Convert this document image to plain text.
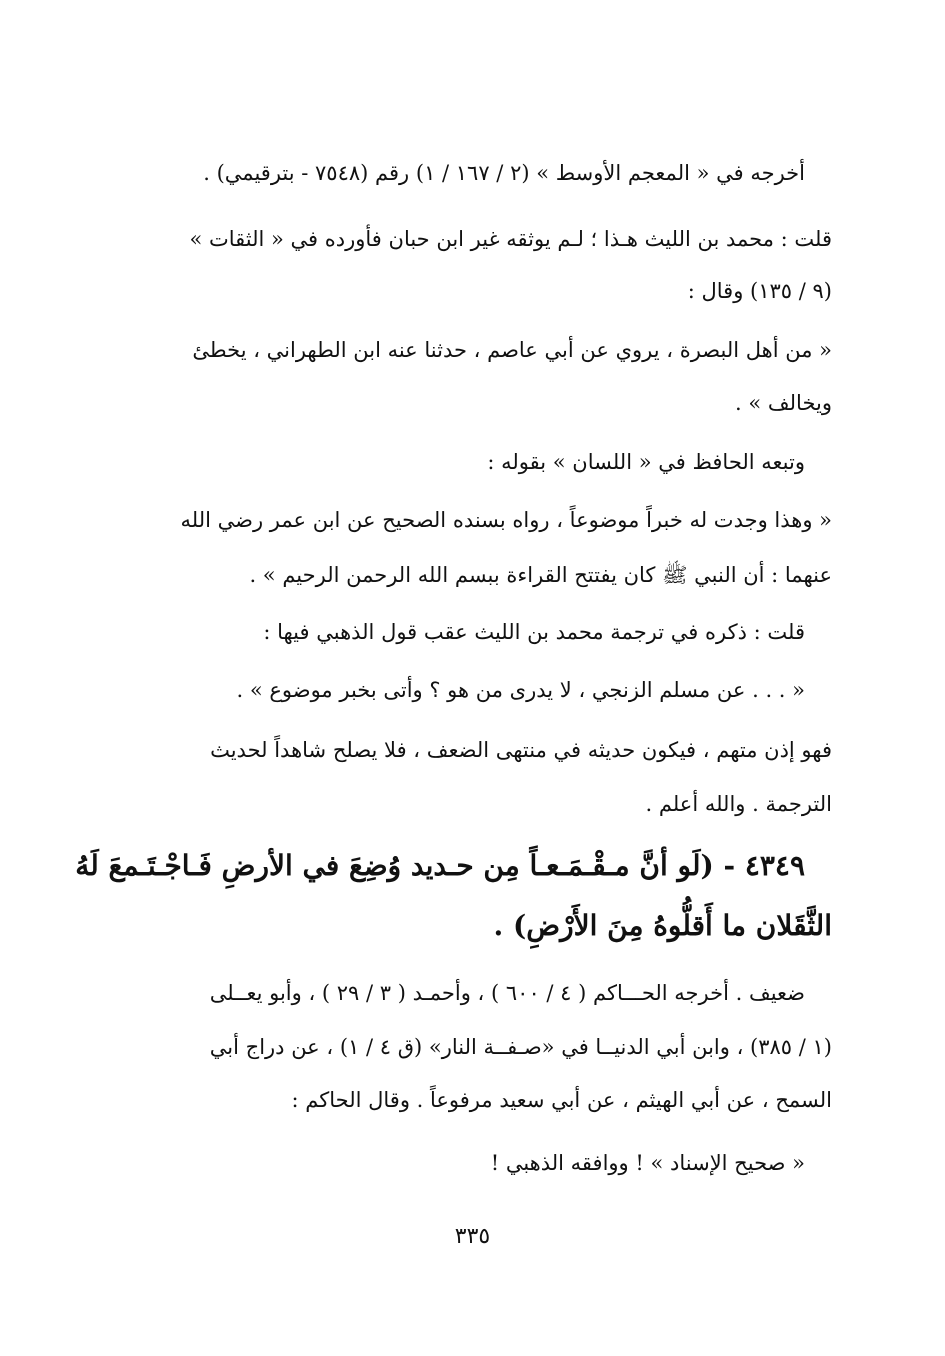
أخرجه في « المعجم الأوسط » (٢ / ١٦٧ / ١) رقم (٧٥٤٨ - بترقيمي) .
قلت : محمد بن الليث هـذا ؛ لـم يوثقه غير ابن حبان فأورده في « الثقات »
(٩ / ١٣٥) وقال :
« من أهل البصرة ، يروي عن أبي عاصم ، حدثنا عنه ابن الطهراني ، يخطئ
ويخالف » .
وتبعه الحافظ في « اللسان » بقوله :
« وهذا وجدت له خبراً موضوعاً ، رواه بسنده الصحيح عن ابن عمر رضي الله
عنهما : أن النبي ﷺ كان يفتتح القراءة ببسم الله الرحمن الرحيم » .
قلت : ذكره في ترجمة محمد بن الليث عقب قول الذهبي فيها :
« . . . عن مسلم الزنجي ، لا يدرى من هو ؟ وأتى بخبر موضوع » .
فهو إذن متهم ، فيكون حديثه في منتهى الضعف ، فلا يصلح شاهداً لحديث
الترجمة . والله أعلم .
٤٣٤٩ - (لَو أنَّ مـقْـمَـعـاً مِن حـديد وُضِعَ في الأرضِ فَـاجْـتَـمعَ لَهُ
الثَّقَلان ما أَقلُّوهُ مِنَ الأَرْضِ) .
ضعيف . أخرجه الحـــاكم ( ٤ / ٦٠٠ ) ، وأحمـد ( ٣ / ٢٩ ) ، وأبو يعــلى
(١ / ٣٨٥) ، وابن أبي الدنيــا في «صـفــة النار» (ق ٤ / ١) ، عن دراج أبي
السمح ، عن أبي الهيثم ، عن أبي سعيد مرفوعاً . وقال الحاكم :
« صحيح الإسناد » ! ووافقه الذهبي !
٣٣٥
